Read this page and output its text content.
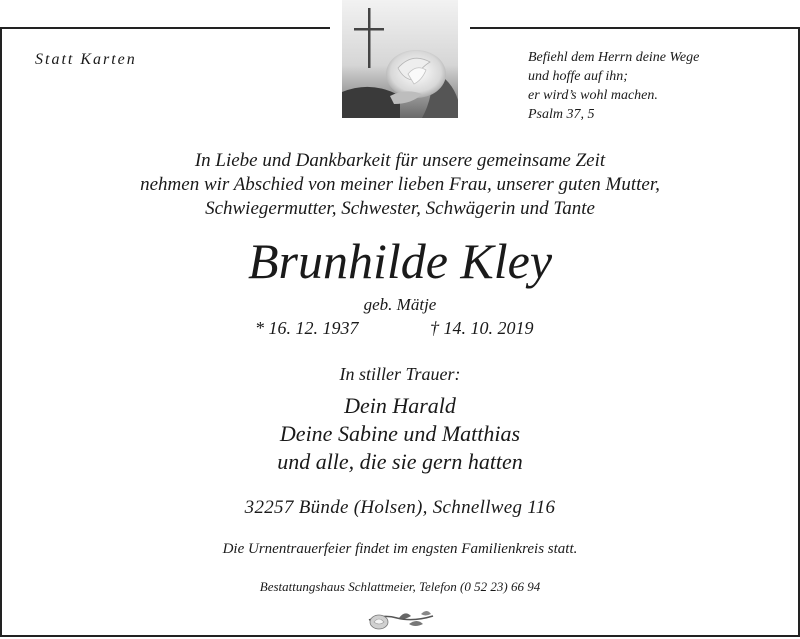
Statt Karten	Befiehl dem Herrn deine Wege
und hoffe auf ihn;
er wird’s wohl machen.
Psalm 37, 5
In Liebe und Dankbarkeit für unsere gemeinsame Zeit
nehmen wir Abschied von meiner lieben Frau, unserer guten Mutter,
Schwiegermutter, Schwester, Schwägerin und Tante
Brunhilde Kley
geb. Mätje
* 16. 12. 1937	† 14. 10. 2019
In stiller Trauer:
Dein Harald
Deine Sabine und Matthias
und alle, die sie gern hatten
32257 Bünde (Holsen), Schnellweg 116
Die Urnentrauerfeier findet im engsten Familienkreis statt.
Bestattungshaus Schlattmeier, Telefon (0 52 23) 66 94
